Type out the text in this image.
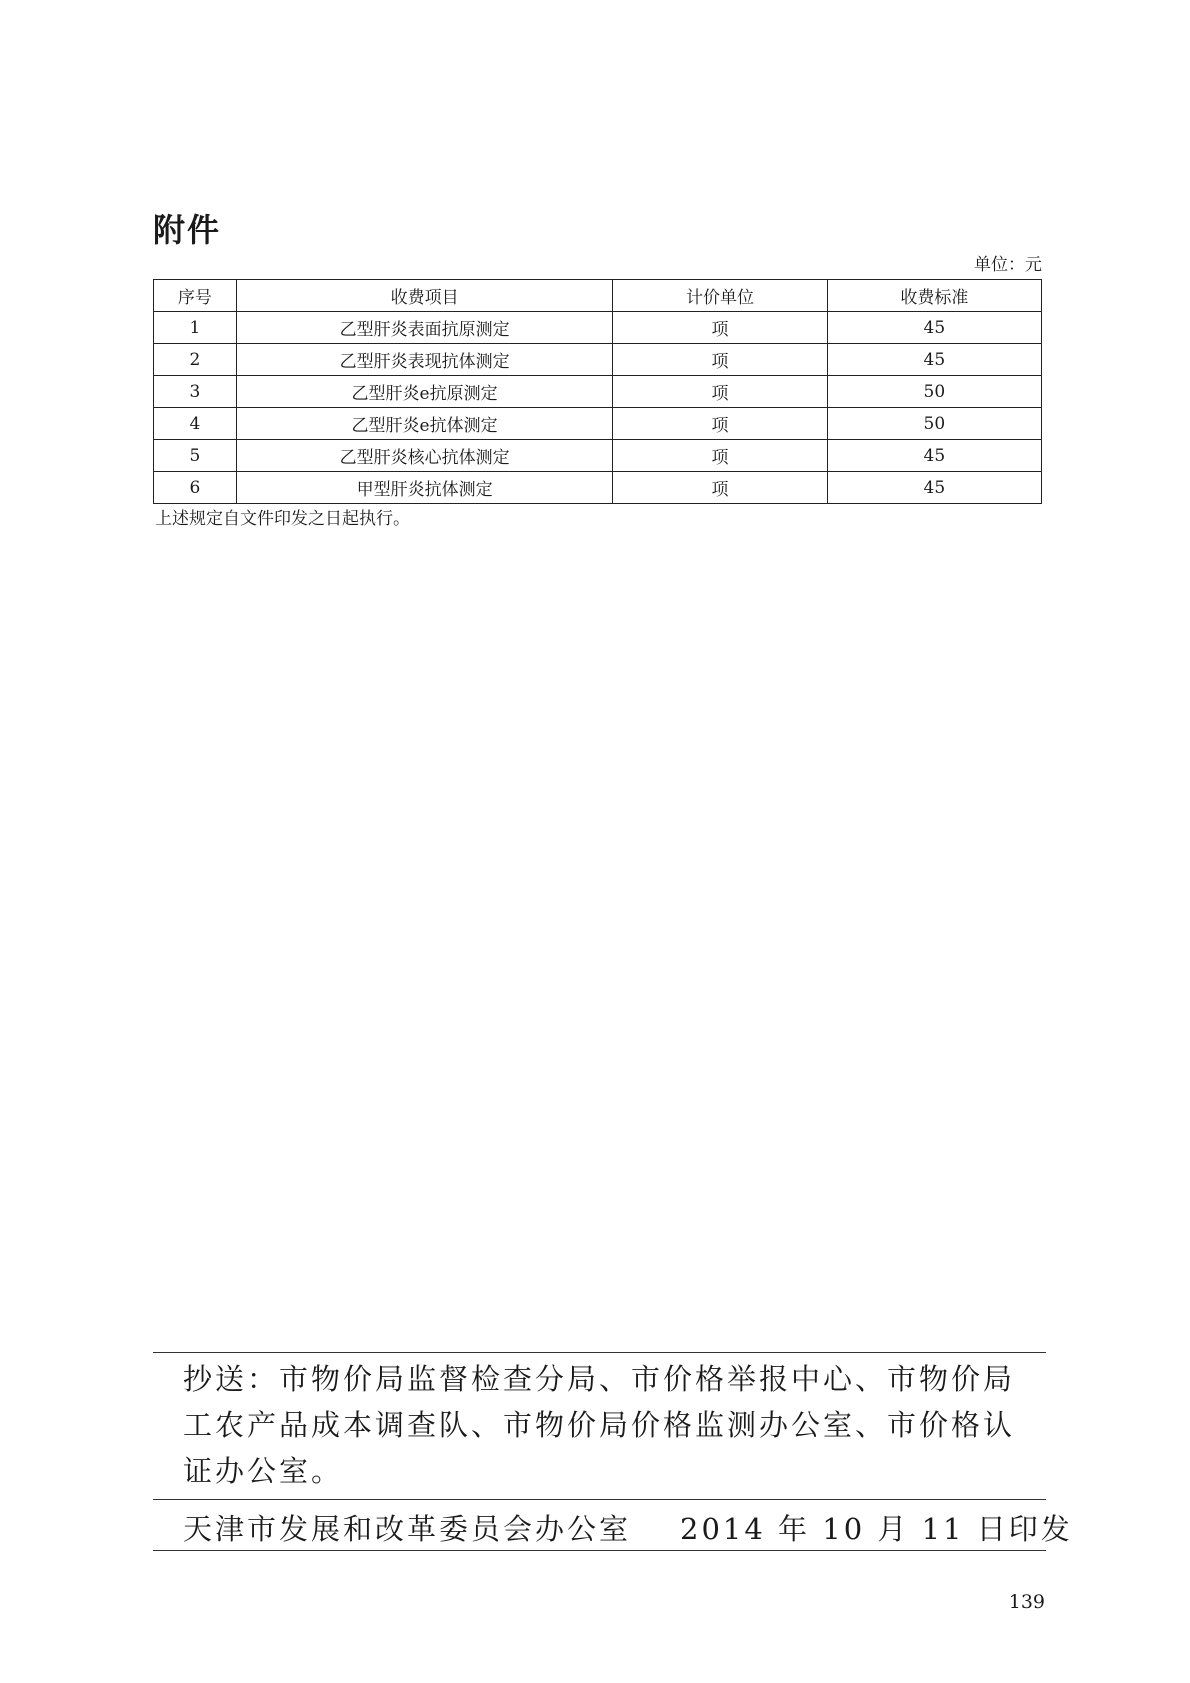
附件
单位：元
序号	收费项目	计价单位	收费标准
1	乙型肝炎表面抗原测定	项	45
2	乙型肝炎表现抗体测定	项	45
3	乙型肝炎e抗原测定	项	50
4	乙型肝炎e抗体测定	项	50
5	乙型肝炎核心抗体测定	项	45
6	甲型肝炎抗体测定	项	45
上述规定自文件印发之日起执行。
抄送：市物价局监督检查分局、市价格举报中心、市物价局工农产品成本调查队、市物价局价格监测办公室、市价格认证办公室。
天津市发展和改革委员会办公室 2014 年 10 月 11 日印发
139
